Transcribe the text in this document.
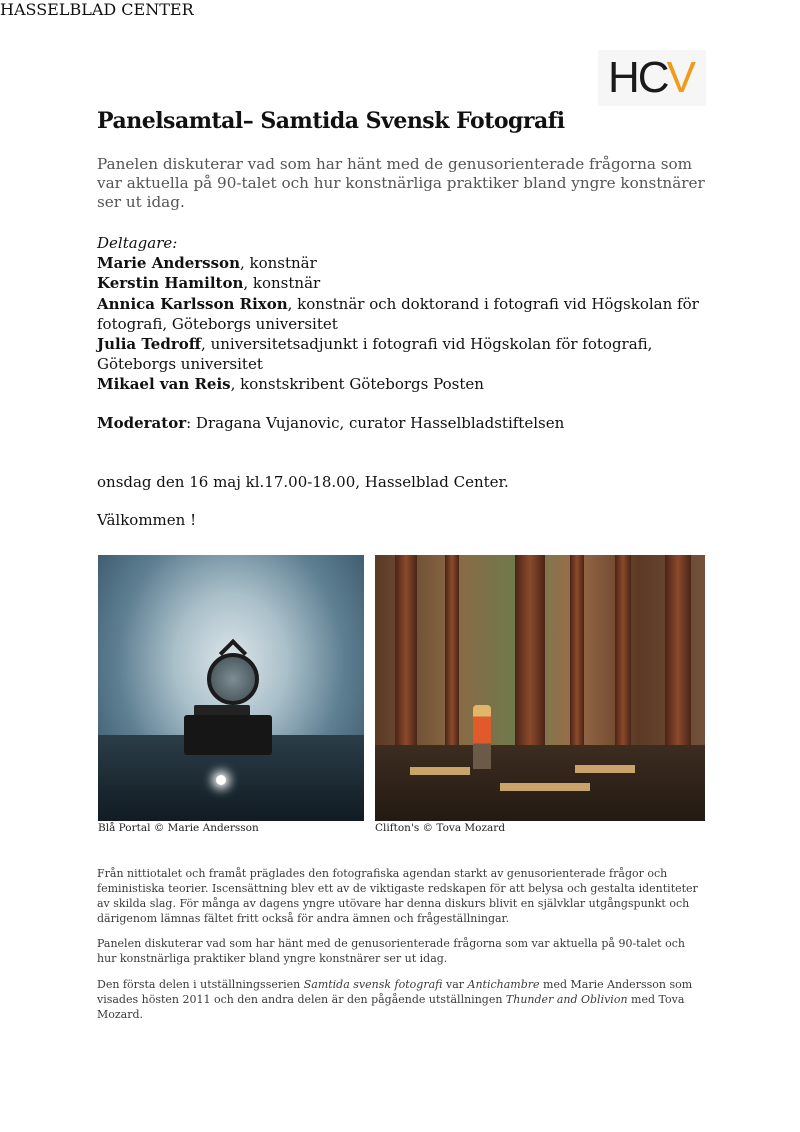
HC V
HASSELBLAD CENTER
Panelsamtal– Samtida Svensk Fotografi

Panelen diskuterar vad som har hänt med de genusorienterade frågorna som var aktuella på 90-talet och hur konstnärliga praktiker bland yngre konstnärer ser ut idag.

Deltagare:
Marie Andersson, konstnär
Kerstin Hamilton, konstnär
Annica Karlsson Rixon, konstnär och doktorand i fotografi vid Högskolan för fotografi, Göteborgs universitet
Julia Tedroff, universitetsadjunkt i fotografi vid Högskolan för fotografi, Göteborgs universitet
Mikael van Reis, konstskribent Göteborgs Posten
Moderator: Dragana Vujanovic, curator Hasselbladstiftelsen
onsdag den 16 maj kl.17.00-18.00, Hasselblad Center.
Välkommen !
Blå Portal © Marie Andersson	Clifton's © Tova Mozard

Från nittiotalet och framåt präglades den fotografiska agendan starkt av genusorienterade frågor och feministiska teorier. Iscensättning blev ett av de viktigaste redskapen för att belysa och gestalta identiteter av skilda slag. För många av dagens yngre utövare har denna diskurs blivit en självklar utgångspunkt och därigenom lämnas fältet fritt också för andra ämnen och frågeställningar.

Panelen diskuterar vad som har hänt med de genusorienterade frågorna som var aktuella på 90-talet och hur konstnärliga praktiker bland yngre konstnärer ser ut idag.

Den första delen i utställningsserien Samtida svensk fotografi var Antichambre med Marie Andersson som visades hösten 2011 och den andra delen är den pågående utställningen Thunder and Oblivion med Tova Mozard.
